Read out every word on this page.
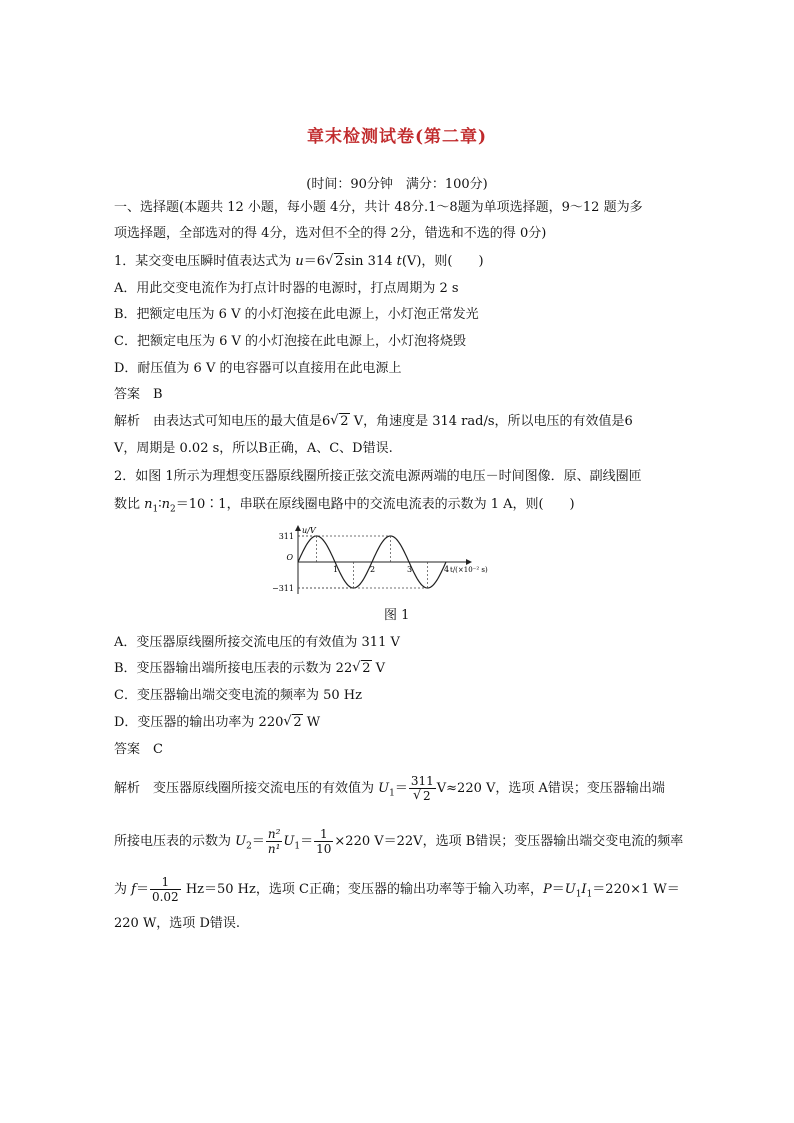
章末检测试卷(第二章)
(时间：90分钟　满分：100分)
一、选择题(本题共 12 小题，每小题 4分，共计 48分.1～8题为单项选择题，9～12 题为多
项选择题，全部选对的得 4分，选对但不全的得 2分，错选和不选的得 0分)
1．某交变电压瞬时值表达式为 u＝6 √ 2sin 314 t(V)，则(　　)
A．用此交变电流作为打点计时器的电源时，打点周期为 2 s
B．把额定电压为 6 V 的小灯泡接在此电源上，小灯泡正常发光
C．把额定电压为 6 V 的小灯泡接在此电源上，小灯泡将烧毁
D．耐压值为 6 V 的电容器可以直接用在此电源上
答案　B
解析　由表达式可知电压的最大值是6 √ 2 V，角速度是 314 rad/s，所以电压的有效值是6
V，周期是 0.02 s，所以B正确，A、C、D错误.
2．如图 1所示为理想变压器原线圈所接正弦交流电源两端的电压－时间图像．原、副线圈匝
数比 $n_1∶n_2=10∶1$，串联在原线圈电路中的交流电流表的示数为 1 A，则(　　)
u/V
311
−311
O
1	2	3	4 t/(×10⁻² s)
图 1
A．变压器原线圈所接交流电压的有效值为 311 V
B．变压器输出端所接电压表的示数为 22 √ 2 V
C．变压器输出端交变电流的频率为 50 Hz
D．变压器的输出功率为 220 √ 2 W
答案　C
解析　变压器原线圈所接交流电压的有效值为 $U_1= \frac{311}{√ 2} V\approx 220$ V，选项 A错误；变压器输出端
所接电压表的示数为 $U_2= \frac{\text{n²}}{\text{n¹}} U_1= \frac{1}{10} \times 220$ V＝22V，选项 B错误；变压器输出端交变电流的频率
为 $f= \frac{1}{0.02} Hz=50$ Hz，选项 C正确；变压器的输出功率等于输入功率，$P=U_1I_1=220\times 1$ W＝
220 W，选项 D错误.
